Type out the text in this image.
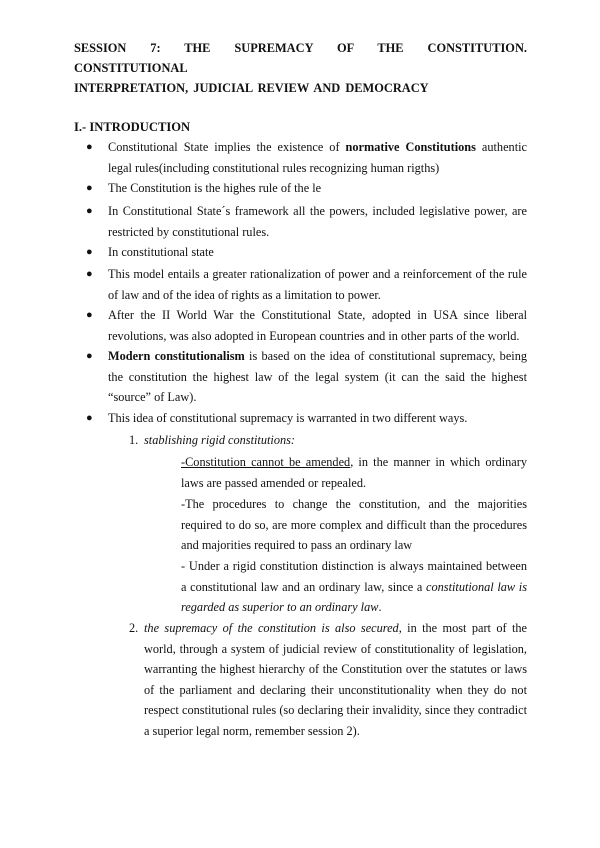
SESSION 7: THE SUPREMACY OF THE CONSTITUTION. CONSTITUTIONAL
INTERPRETATION, JUDICIAL REVIEW AND DEMOCRACY
I.- INTRODUCTION
● Constitutional State implies the existence of normative Constitutions authentic legal rules(including constitutional rules recognizing human rigths)
● The Constitution is the highes rule of the le
● In Constitutional State´s framework all the powers, included legislative power, are restricted by constitutional rules.
● In constitutional state
● This model entails a greater rationalization of power and a reinforcement of the rule of law and of the idea of rights as a limitation to power.
● After the II World War the Constitutional State, adopted in USA since liberal revolutions, was also adopted in European countries and in other parts of the world.
● Modern constitutionalism is based on the idea of constitutional supremacy, being the constitution the highest law of the legal system (it can the said the highest “source” of Law).
● This idea of constitutional supremacy is warranted in two different ways.
1. stablishing rigid constitutions:
-Constitution cannot be amended, in the manner in which ordinary laws are passed amended or repealed.
-The procedures to change the constitution, and the majorities required to do so, are more complex and difficult than the procedures and majorities required to pass an ordinary law
- Under a rigid constitution distinction is always maintained between a constitutional law and an ordinary law, since a constitutional law is regarded as superior to an ordinary law.
2. the supremacy of the constitution is also secured, in the most part of the world, through a system of judicial review of constitutionality of legislation, warranting the highest hierarchy of the Constitution over the statutes or laws of the parliament and declaring their unconstitutionality when they do not respect constitutional rules (so declaring their invalidity, since they contradict a superior legal norm, remember session 2).
